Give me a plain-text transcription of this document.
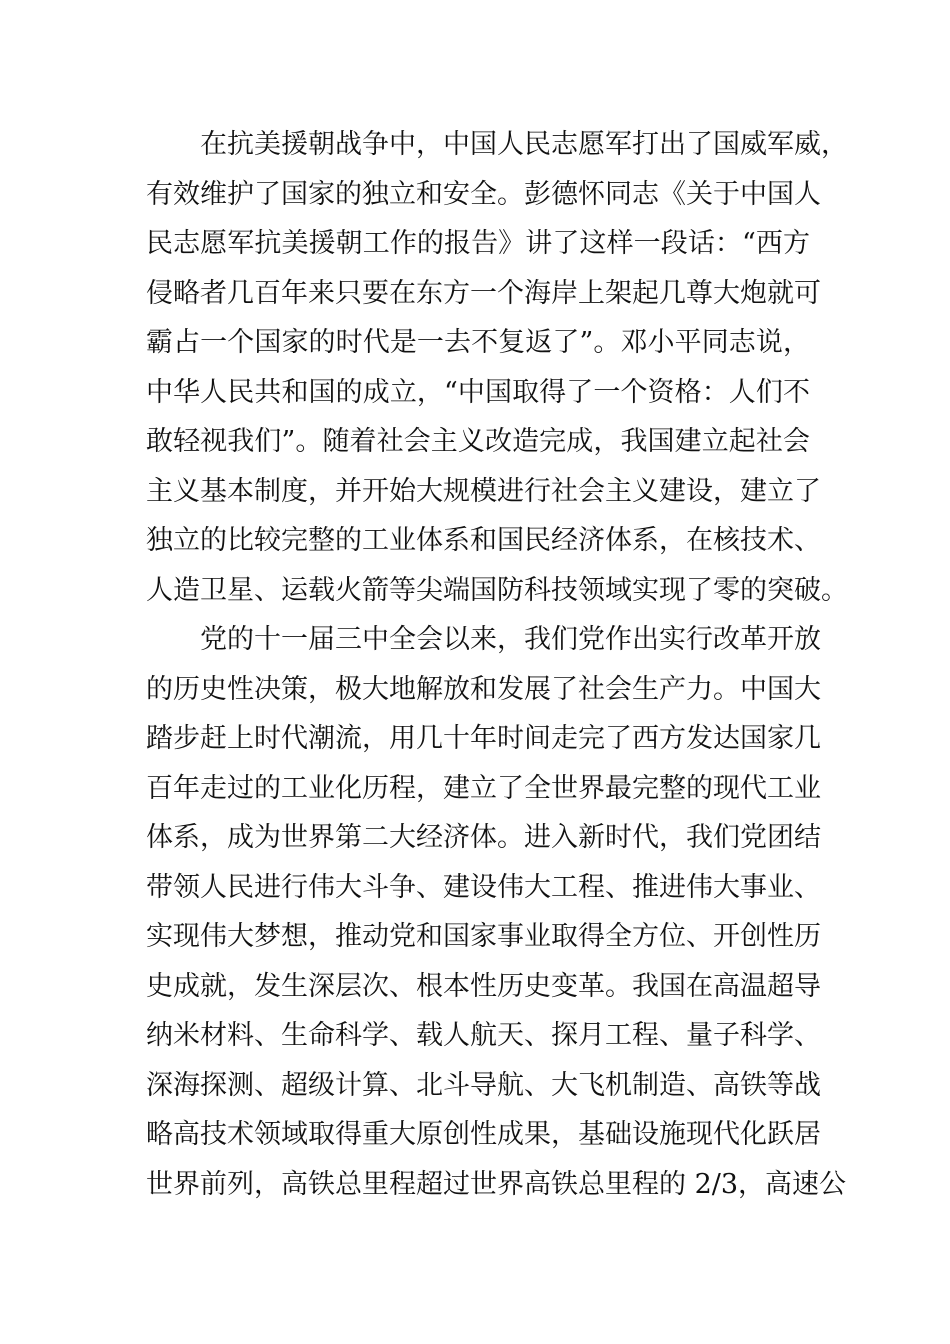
在抗美援朝战争中，中国人民志愿军打出了国威军威，
有效维护了国家的独立和安全。彭德怀同志《关于中国人
民志愿军抗美援朝工作的报告》讲了这样一段话：“西方
侵略者几百年来只要在东方一个海岸上架起几尊大炮就可
霸占一个国家的时代是一去不复返了”。邓小平同志说，
中华人民共和国的成立，“中国取得了一个资格：人们不
敢轻视我们”。随着社会主义改造完成，我国建立起社会
主义基本制度，并开始大规模进行社会主义建设，建立了
独立的比较完整的工业体系和国民经济体系，在核技术、
人造卫星、运载火箭等尖端国防科技领域实现了零的突破。
党的十一届三中全会以来，我们党作出实行改革开放
的历史性决策，极大地解放和发展了社会生产力。中国大
踏步赶上时代潮流，用几十年时间走完了西方发达国家几
百年走过的工业化历程，建立了全世界最完整的现代工业
体系，成为世界第二大经济体。进入新时代，我们党团结
带领人民进行伟大斗争、建设伟大工程、推进伟大事业、
实现伟大梦想，推动党和国家事业取得全方位、开创性历
史成就，发生深层次、根本性历史变革。我国在高温超导
纳米材料、生命科学、载人航天、探月工程、量子科学、
深海探测、超级计算、北斗导航、大飞机制造、高铁等战
略高技术领域取得重大原创性成果，基础设施现代化跃居
世界前列，高铁总里程超过世界高铁总里程的 2/3，高速公
